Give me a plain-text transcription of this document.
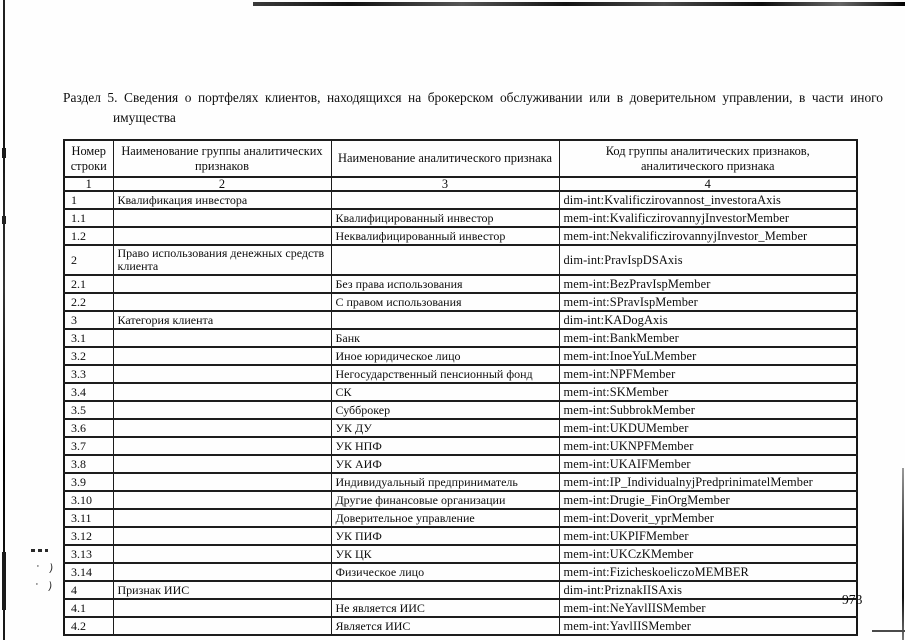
· )
· )
Раздел 5. Сведения о портфелях клиентов, находящихся на брокерском обслуживании или в доверительном управлении, в части иного
имущества
Номер строки	Наименование группы аналитических признаков	Наименование аналитического признака	Код группы аналитических признаков, аналитического признака
1	2	3	4
1	Квалификация инвестора		dim-int:Kvalificzirovannost_investoraAxis
1.1		Квалифицированный инвестор	mem-int:KvalificzirovannyjInvestorMember
1.2		Неквалифицированный инвестор	mem-int:NekvalificzirovannyjInvestor_Member
2	Право использования денежных средств клиента		dim-int:PravIspDSAxis
2.1		Без права использования	mem-int:BezPravIspMember
2.2		С правом использования	mem-int:SPravIspMember
3	Категория клиента		dim-int:KADogAxis
3.1		Банк	mem-int:BankMember
3.2		Иное юридическое лицо	mem-int:InoeYuLMember
3.3		Негосударственный пенсионный фонд	mem-int:NPFMember
3.4		СК	mem-int:SKMember
3.5		Субброкер	mem-int:SubbrokMember
3.6		УК ДУ	mem-int:UKDUMember
3.7		УК НПФ	mem-int:UKNPFMember
3.8		УК АИФ	mem-int:UKAIFMember
3.9		Индивидуальный предприниматель	mem-int:IP_IndividualnyjPredprinimatelMember
3.10		Другие финансовые организации	mem-int:Drugie_FinOrgMember
3.11		Доверительное управление	mem-int:Doverit_yprMember
3.12		УК ПИФ	mem-int:UKPIFMember
3.13		УК ЦК	mem-int:UKCzKMember
3.14		Физическое лицо	mem-int:FizicheskoeliczoMEMBER
4	Признак ИИС		dim-int:PriznakIISAxis
4.1		Не является ИИС	mem-int:NeYavlIISMember
4.2		Является ИИС	mem-int:YavlIISMember
973
